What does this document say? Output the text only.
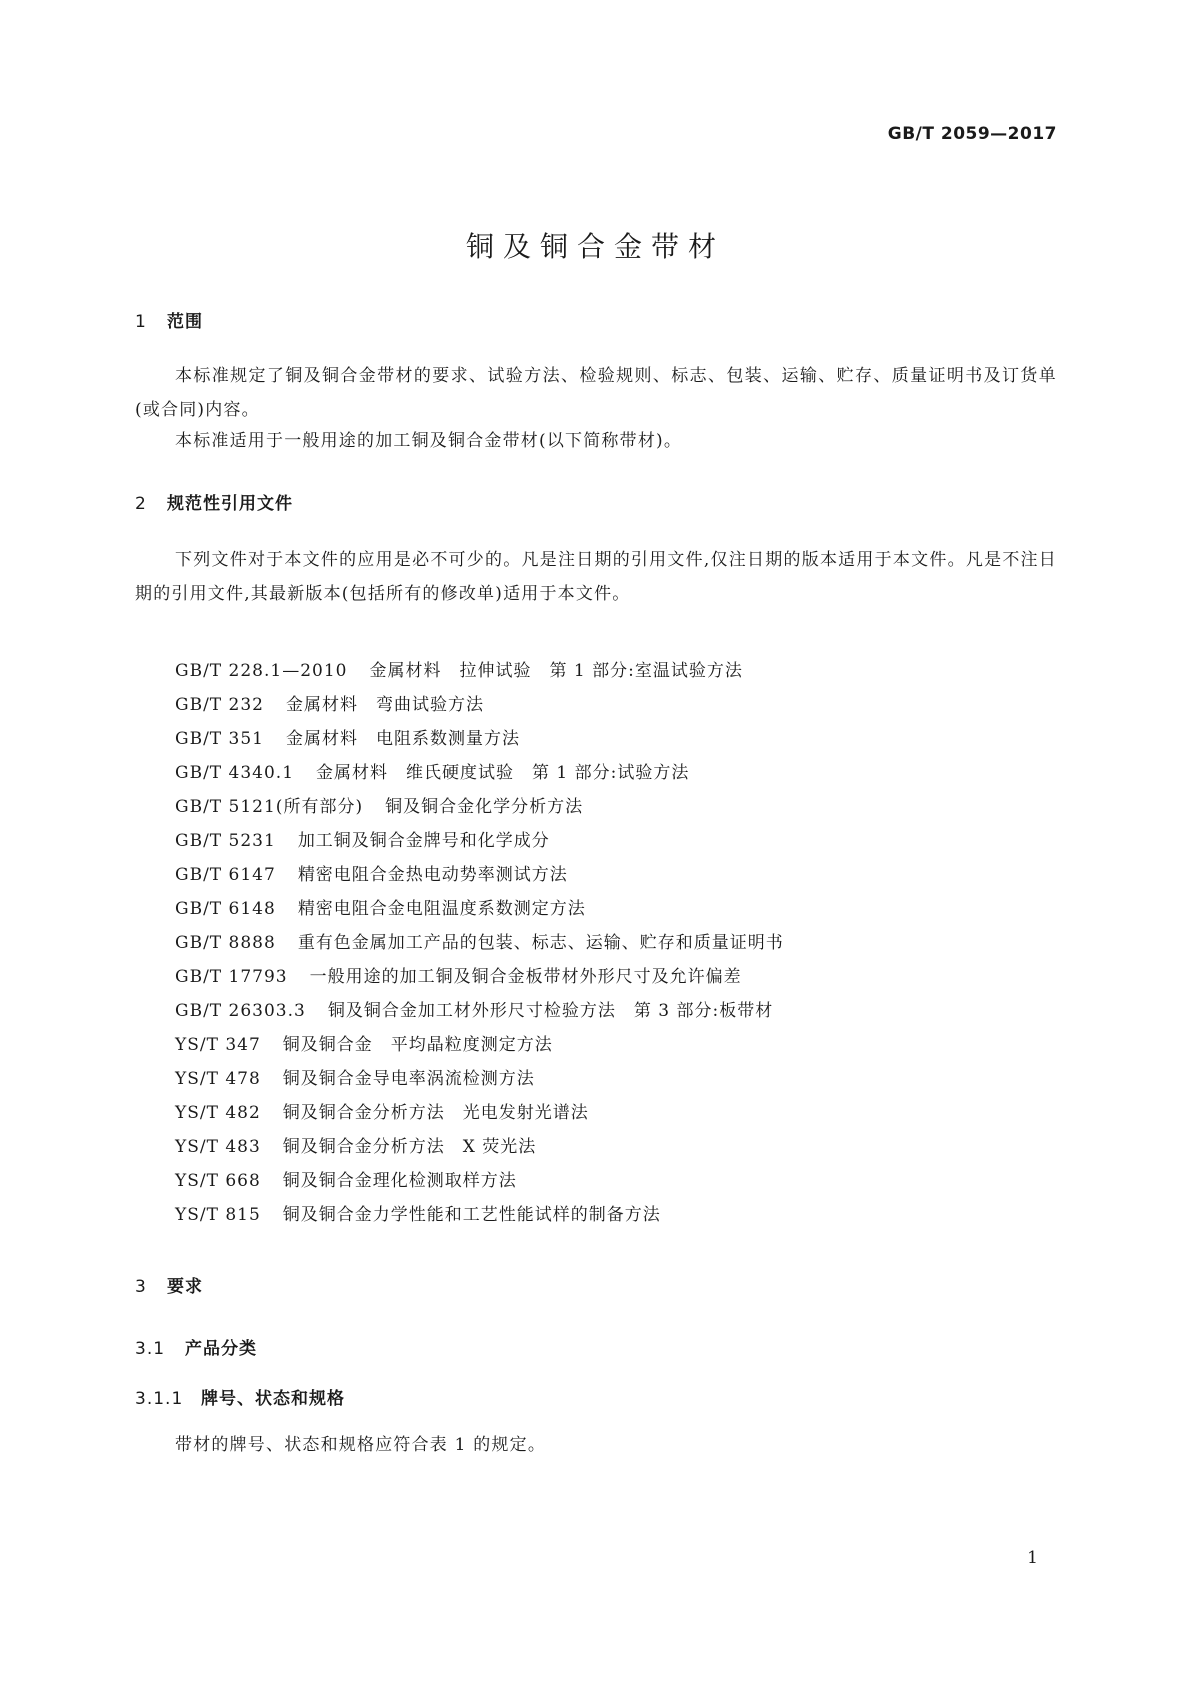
GB/T 2059—2017
铜及铜合金带材
1 范围
本标准规定了铜及铜合金带材的要求、试验方法、检验规则、标志、包装、运输、贮存、质量证明书及订货单(或合同)内容。
本标准适用于一般用途的加工铜及铜合金带材(以下简称带材)。
2 规范性引用文件
下列文件对于本文件的应用是必不可少的。凡是注日期的引用文件,仅注日期的版本适用于本文件。凡是不注日期的引用文件,其最新版本(包括所有的修改单)适用于本文件。
GB/T 228.1—2010 金属材料　拉伸试验　第 1 部分:室温试验方法
GB/T 232 金属材料　弯曲试验方法
GB/T 351 金属材料　电阻系数测量方法
GB/T 4340.1 金属材料　维氏硬度试验　第 1 部分:试验方法
GB/T 5121(所有部分) 铜及铜合金化学分析方法
GB/T 5231 加工铜及铜合金牌号和化学成分
GB/T 6147 精密电阻合金热电动势率测试方法
GB/T 6148 精密电阻合金电阻温度系数测定方法
GB/T 8888 重有色金属加工产品的包装、标志、运输、贮存和质量证明书
GB/T 17793 一般用途的加工铜及铜合金板带材外形尺寸及允许偏差
GB/T 26303.3 铜及铜合金加工材外形尺寸检验方法　第 3 部分:板带材
YS/T 347 铜及铜合金　平均晶粒度测定方法
YS/T 478 铜及铜合金导电率涡流检测方法
YS/T 482 铜及铜合金分析方法　光电发射光谱法
YS/T 483 铜及铜合金分析方法　X 荧光法
YS/T 668 铜及铜合金理化检测取样方法
YS/T 815 铜及铜合金力学性能和工艺性能试样的制备方法
3 要求
3.1 产品分类
3.1.1 牌号、状态和规格
带材的牌号、状态和规格应符合表 1 的规定。
1
